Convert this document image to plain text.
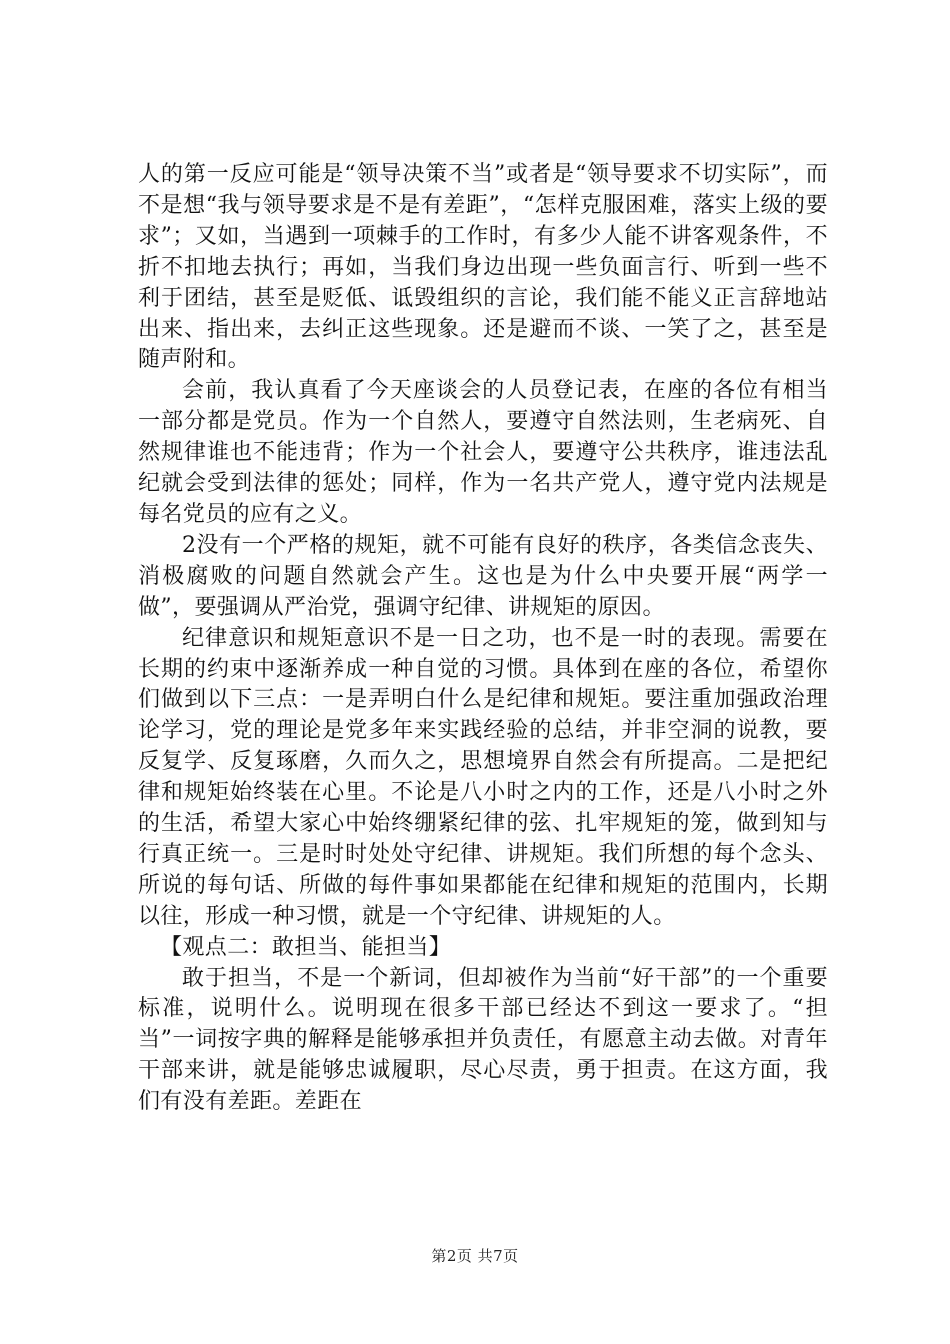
人的第一反应可能是“领导决策不当”或者是“领导要求不切实际”，而不是想“我与领导要求是不是有差距”，“怎样克服困难，落实上级的要求”；又如，当遇到一项棘手的工作时，有多少人能不讲客观条件，不折不扣地去执行；再如，当我们身边出现一些负面言行、听到一些不利于团结，甚至是贬低、诋毁组织的言论，我们能不能义正言辞地站出来、指出来，去纠正这些现象。还是避而不谈、一笑了之，甚至是随声附和。

会前，我认真看了今天座谈会的人员登记表，在座的各位有相当一部分都是党员。作为一个自然人，要遵守自然法则，生老病死、自然规律谁也不能违背；作为一个社会人，要遵守公共秩序，谁违法乱纪就会受到法律的惩处；同样，作为一名共产党人，遵守党内法规是每名党员的应有之义。

2没有一个严格的规矩，就不可能有良好的秩序，各类信念丧失、消极腐败的问题自然就会产生。这也是为什么中央要开展“两学一做”，要强调从严治党，强调守纪律、讲规矩的原因。

纪律意识和规矩意识不是一日之功，也不是一时的表现。需要在长期的约束中逐渐养成一种自觉的习惯。具体到在座的各位，希望你们做到以下三点：一是弄明白什么是纪律和规矩。要注重加强政治理论学习，党的理论是党多年来实践经验的总结，并非空洞的说教，要反复学、反复琢磨，久而久之，思想境界自然会有所提高。二是把纪律和规矩始终装在心里。不论是八小时之内的工作，还是八小时之外的生活，希望大家心中始终绷紧纪律的弦、扎牢规矩的笼，做到知与行真正统一。三是时时处处守纪律、讲规矩。我们所想的每个念头、所说的每句话、所做的每件事如果都能在纪律和规矩的范围内，长期以往，形成一种习惯，就是一个守纪律、讲规矩的人。

【观点二：敢担当、能担当】

敢于担当，不是一个新词，但却被作为当前“好干部”的一个重要标准，说明什么。说明现在很多干部已经达不到这一要求了。“担当”一词按字典的解释是能够承担并负责任，有愿意主动去做。对青年干部来讲，就是能够忠诚履职，尽心尽责，勇于担责。在这方面，我们有没有差距。差距在

第2页 共7页
